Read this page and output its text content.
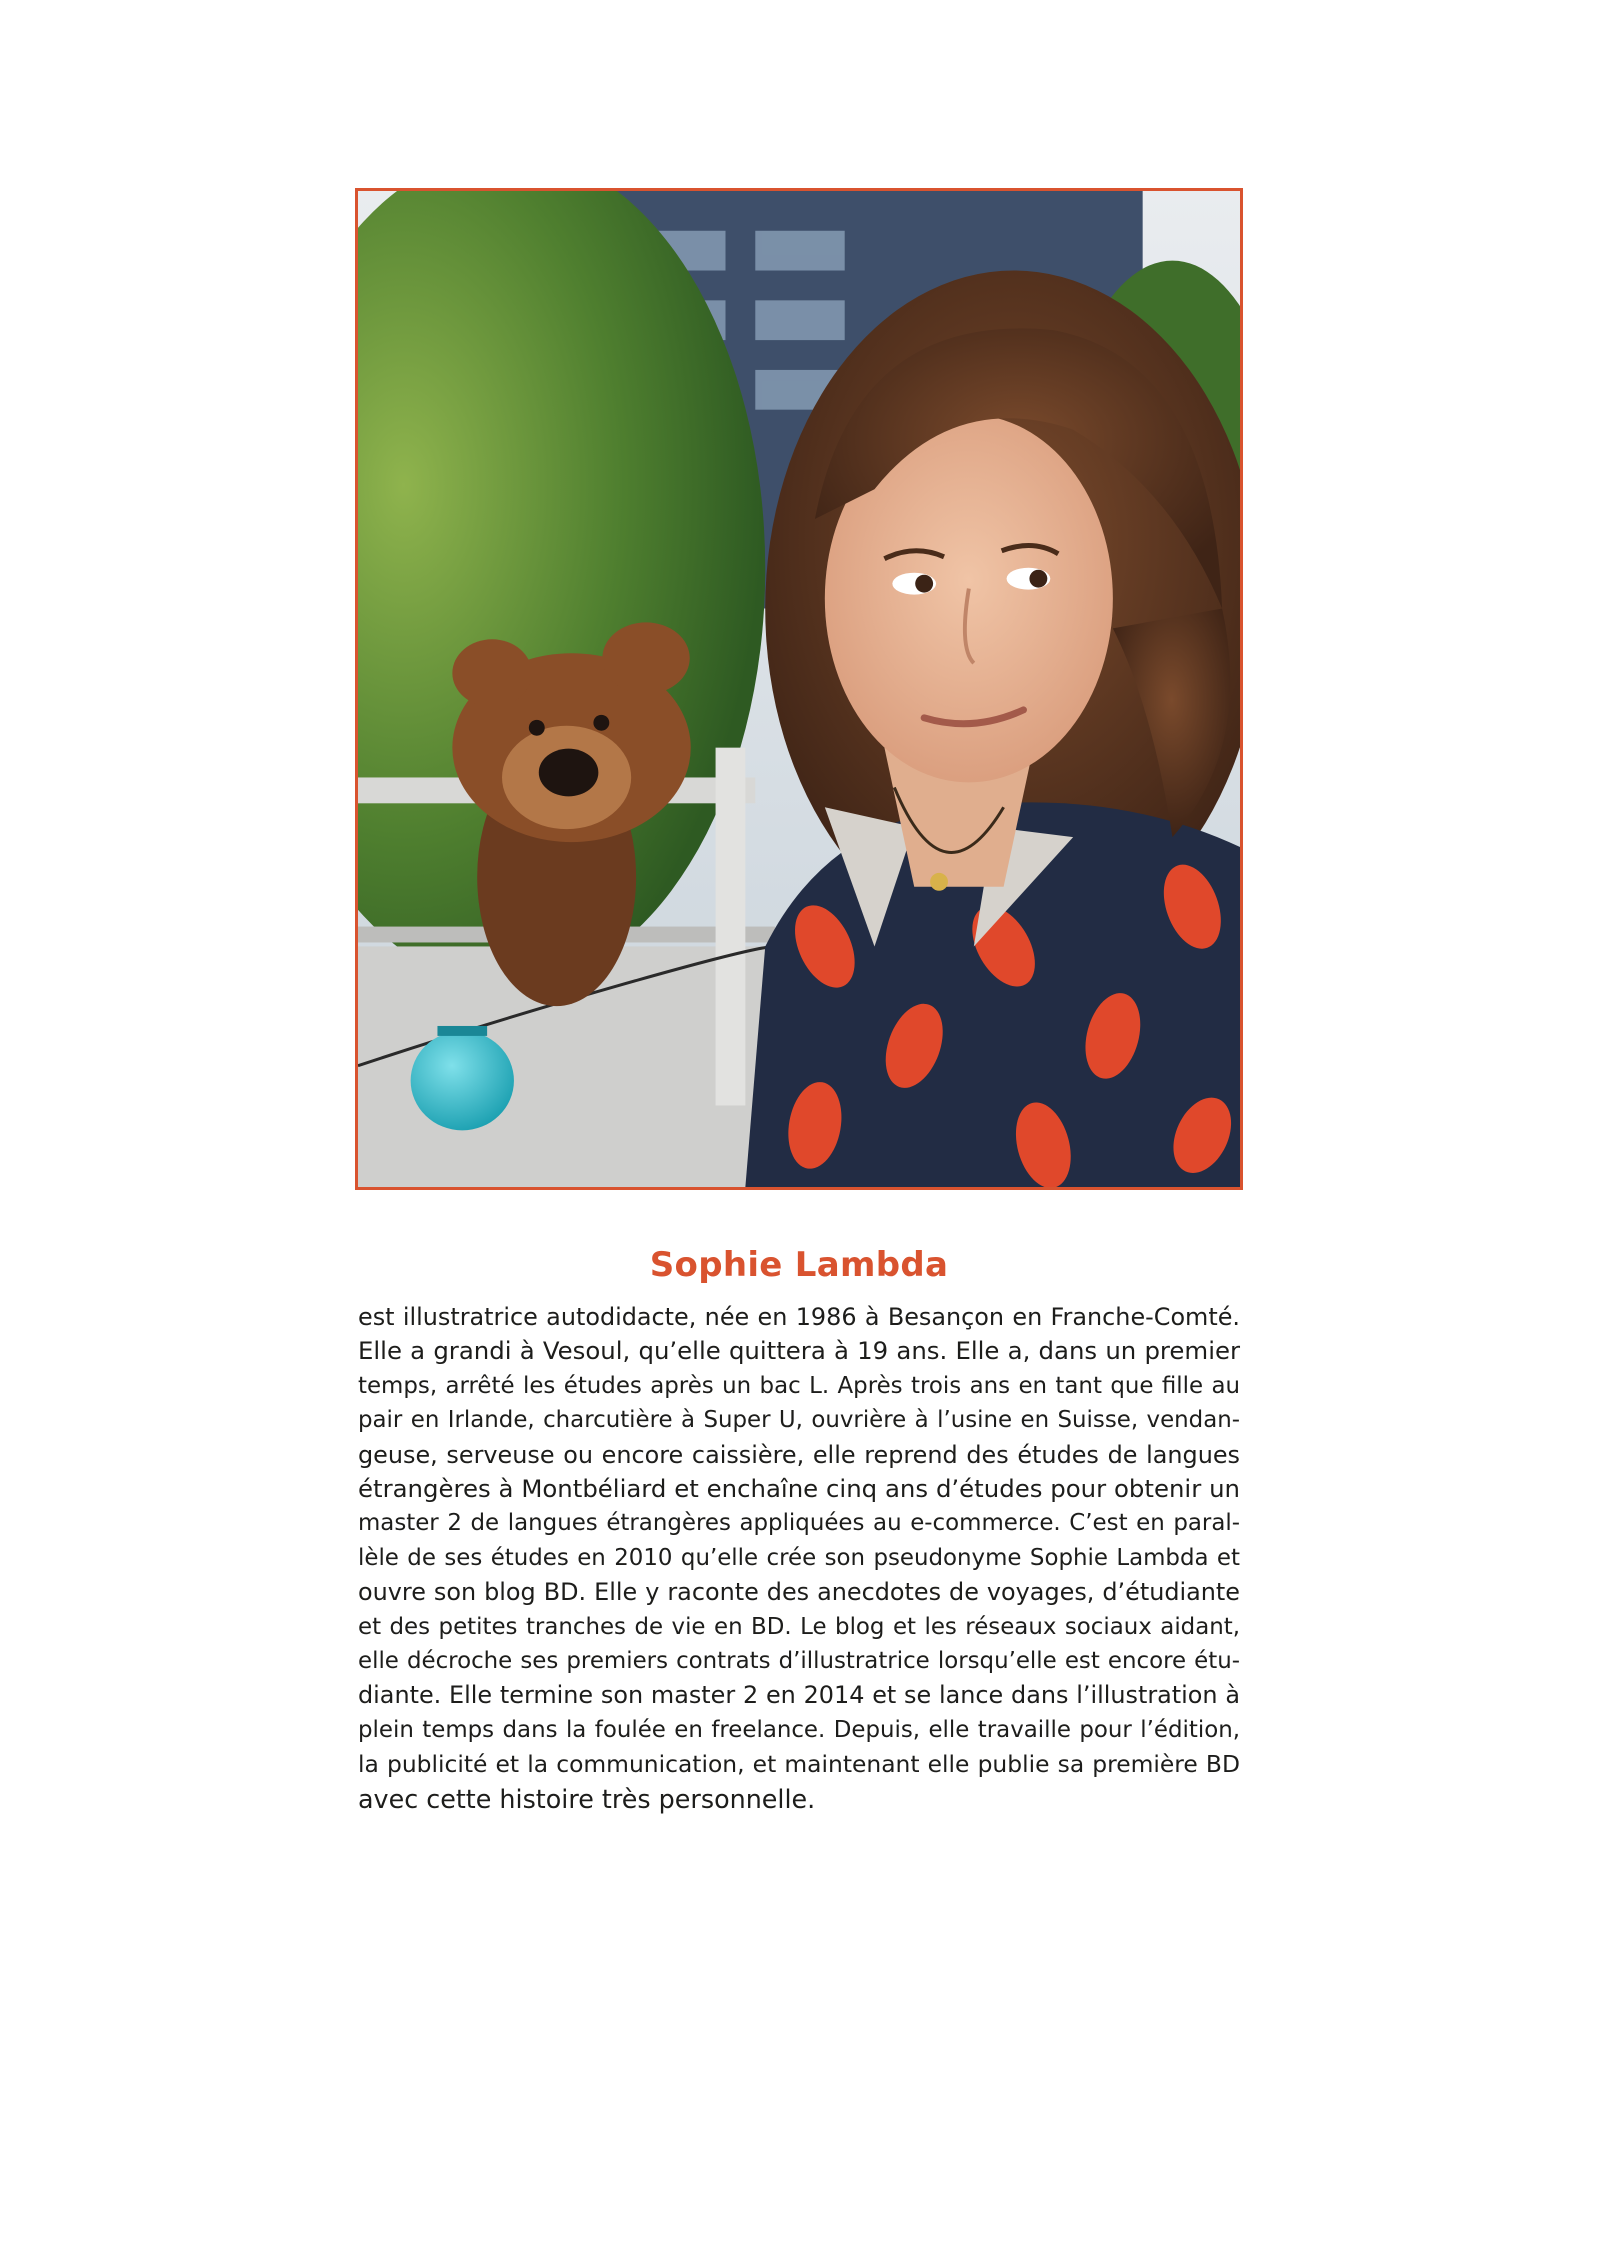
Sophie Lambda
est illustratrice autodidacte, née en 1986 à Besançon en Franche-Comté.
Elle a grandi à Vesoul, qu’elle quittera à 19 ans. Elle a, dans un premier
temps, arrêté les études après un bac L. Après trois ans en tant que fille au
pair en Irlande, charcutière à Super U, ouvrière à l’usine en Suisse, vendan-
geuse, serveuse ou encore caissière, elle reprend des études de langues
étrangères à Montbéliard et enchaîne cinq ans d’études pour obtenir un
master 2 de langues étrangères appliquées au e-commerce. C’est en paral-
lèle de ses études en 2010 qu’elle crée son pseudonyme Sophie Lambda et
ouvre son blog BD. Elle y raconte des anecdotes de voyages, d’étudiante
et des petites tranches de vie en BD. Le blog et les réseaux sociaux aidant,
elle décroche ses premiers contrats d’illustratrice lorsqu’elle est encore étu-
diante. Elle termine son master 2 en 2014 et se lance dans l’illustration à
plein temps dans la foulée en freelance. Depuis, elle travaille pour l’édition,
la publicité et la communication, et maintenant elle publie sa première BD
avec cette histoire très personnelle.
